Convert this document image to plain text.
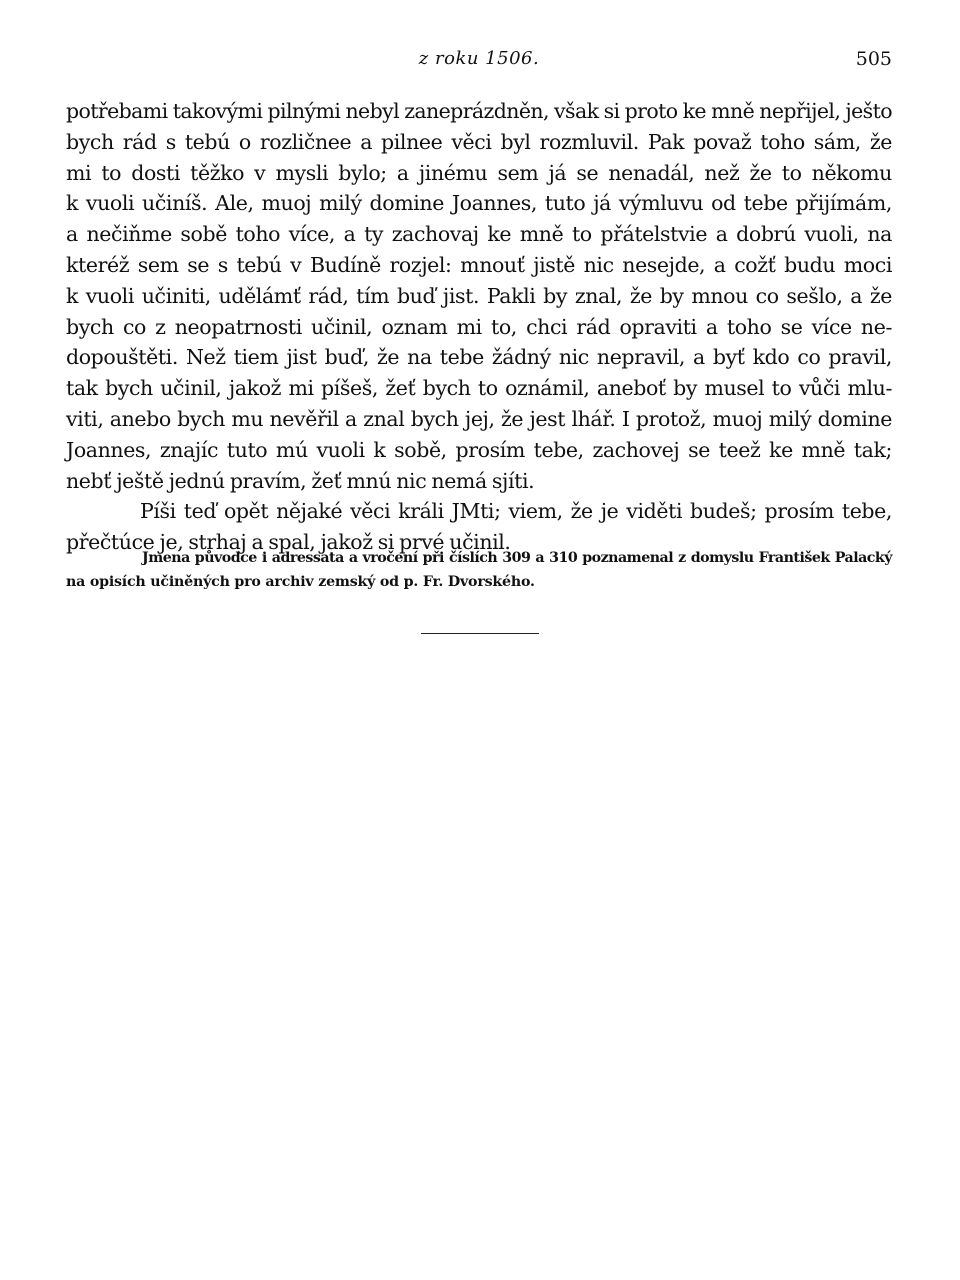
z roku 1506.	505
potřebami takovými pilnými nebyl zaneprázdněn, však si proto ke mně nepřijel, ješto
bych rád s tebú o rozličnee a pilnee věci byl rozmluvil. Pak považ toho sám, že
mi to dosti těžko v mysli bylo; a jinému sem já se nenadál, než že to někomu
k vuoli učiníš. Ale, muoj milý domine Joannes, tuto já výmluvu od tebe přijímám,
a nečiňme sobě toho více, a ty zachovaj ke mně to přátelstvie a dobrú vuoli, na
kteréž sem se s tebú v Budíně rozjel: mnouť jistě nic nesejde, a cožť budu moci
k vuoli učiniti, udělámť rád, tím buď jist. Pakli by znal, že by mnou co sešlo, a že
bych co z neopatrnosti učinil, oznam mi to, chci rád opraviti a toho se více ne-
dopouštěti. Než tiem jist buď, že na tebe žádný nic nepravil, a byť kdo co pravil,
tak bych učinil, jakož mi píšeš, žeť bych to oznámil, aneboť by musel to vůči mlu-
viti, anebo bych mu nevěřil a znal bych jej, že jest lhář. I protož, muoj milý domine
Joannes, znajíc tuto mú vuoli k sobě, prosím tebe, zachovej se teež ke mně tak;
nebť ještě jednú pravím, žeť mnú nic nemá sjíti.
Píši teď opět nějaké věci králi JMti; viem, že je viděti budeš; prosím tebe,
přečtúce je, strhaj a spal, jakož si prvé učinil.
Jmena původce i adressata a vročení při číslích 309 a 310 poznamenal z domyslu František Palacký
na opisích učiněných pro archiv zemský od p. Fr. Dvorského.
